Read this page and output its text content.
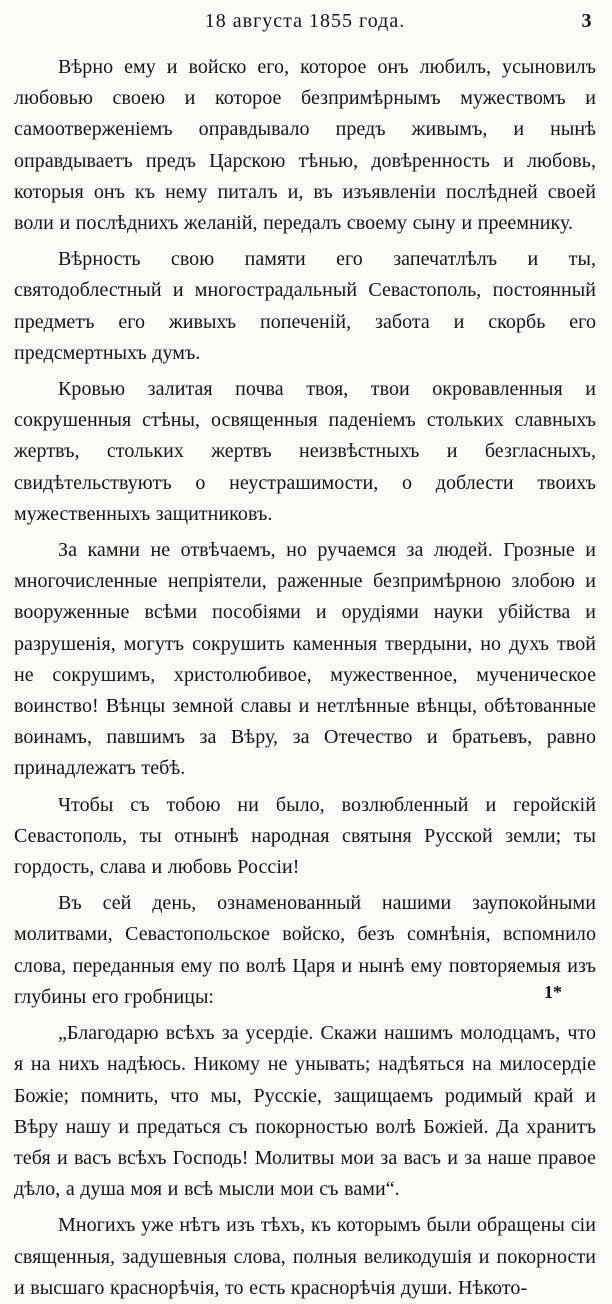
18 августа 1855 года.	3

Вѣрно ему и войско его, которое онъ любилъ, усыновилъ любовью своею и которое безпримѣрнымъ мужествомъ и самоотверженіемъ оправдывало предъ живымъ, и нынѣ оправдываетъ предъ Царскою тѣнью, довѣренность и любовь, которыя онъ къ нему питалъ и, въ изъявленіи послѣдней своей воли и послѣднихъ желаній, передалъ своему сыну и преемнику.

Вѣрность свою памяти его запечатлѣлъ и ты, святодоблестный и многострадальный Севастополь, постоянный предметъ его живыхъ попеченій, забота и скорбь его предсмертныхъ думъ.

Кровью залитая почва твоя, твои окровавленныя и сокрушенныя стѣны, освященныя паденіемъ стольких славныхъ жертвъ, стольких жертвъ неизвѣстныхъ и безгласныхъ, свидѣтельствуютъ о неустрашимости, о доблести твоихъ мужественныхъ защитниковъ.

За камни не отвѣчаемъ, но ручаемся за людей. Грозные и многочисленные непріятели, раженные безпримѣрною злобою и вооруженные всѣми пособіями и орудіями науки убійства и разрушенія, могутъ сокрушить каменныя твердыни, но духъ твой не сокрушимъ, христолюбивое, мужественное, мученическое воинство! Вѣнцы земной славы и нетлѣнные вѣнцы, обѣтованные воинамъ, павшимъ за Вѣру, за Отечество и братьевъ, равно принадлежатъ тебѣ.

Чтобы съ тобою ни было, возлюбленный и геройскій Севастополь, ты отнынѣ народная святыня Русской земли; ты гордость, слава и любовь Россіи!

Въ сей день, ознаменованный нашими заупокойными молитвами, Севастопольское войско, безъ сомнѣнія, вспомнило слова, переданныя ему по волѣ Царя и нынѣ ему повторяемыя изъ глубины его гробницы:

„Благодарю всѣхъ за усердіе. Скажи нашимъ молодцамъ, что я на нихъ надѣюсь. Никому не унывать; надѣяться на милосердіе Божіе; помнить, что мы, Русскіе, защищаемъ родимый край и Вѣру нашу и предаться съ покорностью волѣ Божіей. Да хранитъ тебя и васъ всѣхъ Господь! Молитвы мои за васъ и за наше правое дѣло, а душа моя и всѣ мысли мои съ вами“.

Многихъ уже нѣтъ изъ тѣхъ, къ которымъ были обращены сіи священныя, задушевныя слова, полныя великодушія и покорности и высшаго краснорѣчія, то есть краснорѣчія души. Нѣкото-

1*
